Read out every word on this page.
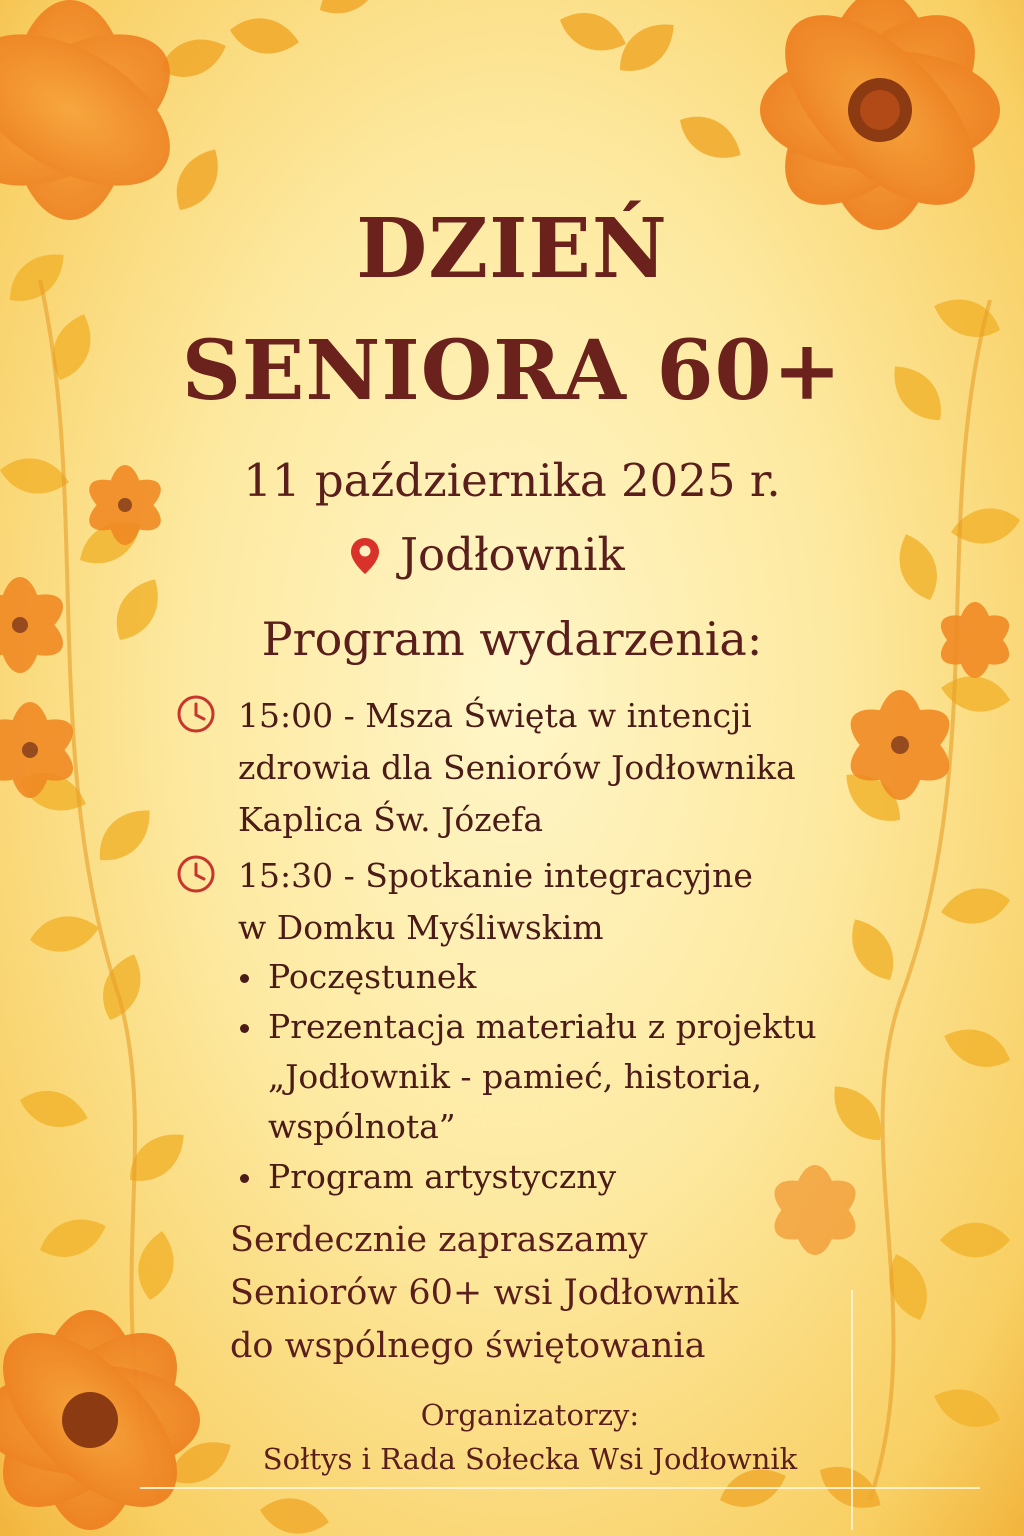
DZIEŃ
SENIORA 60+
11 października 2025 r.
Jodłownik
Program wydarzenia:
15:00 - Msza Święta w intencji
zdrowia dla Seniorów Jodłownika
Kaplica Św. Józefa
15:30 - Spotkanie integracyjne
w Domku Myśliwskim
Poczęstunek
Prezentacja materiału z projektu
„Jodłownik - pamieć, historia,
wspólnota”
Program artystyczny
Serdecznie zapraszamy
Seniorów 60+ wsi Jodłownik
do wspólnego świętowania
Organizatorzy:
Sołtys i Rada Sołecka Wsi Jodłownik
